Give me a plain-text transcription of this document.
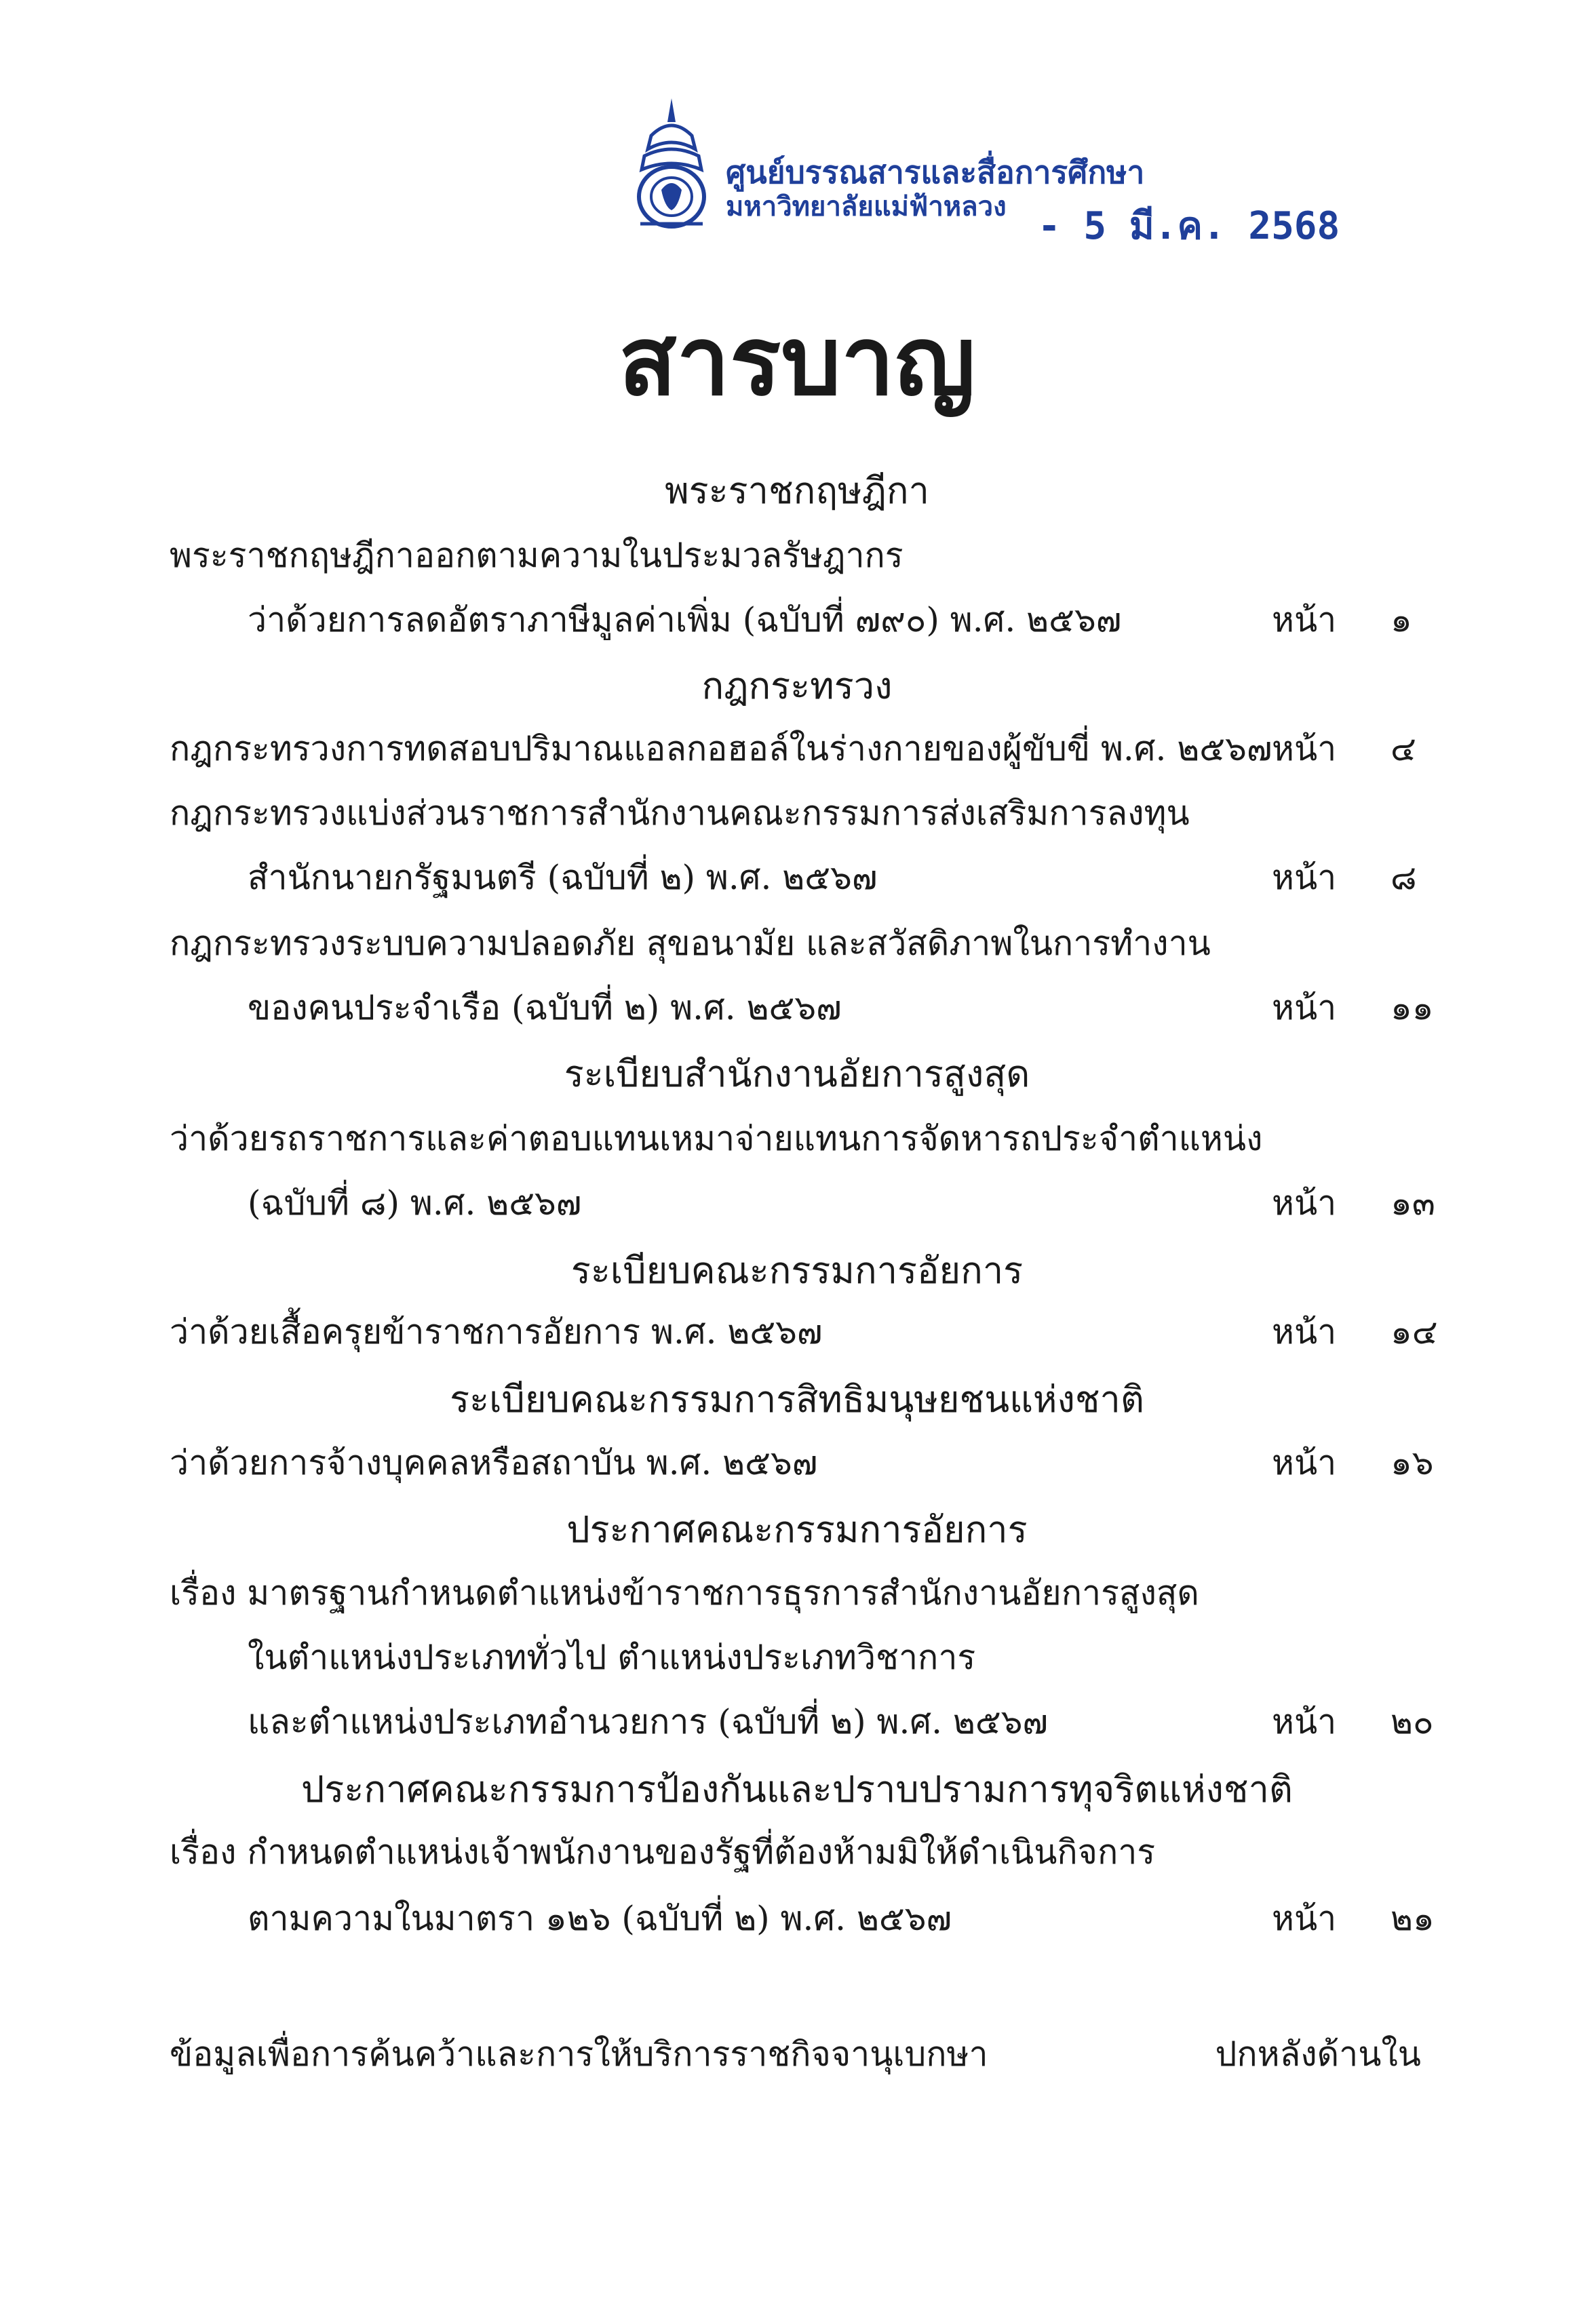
ศูนย์บรรณสารและสื่อการศึกษา
มหาวิทยาลัยแม่ฟ้าหลวง - 5 มี.ค. 2568
สารบาญ
พระราชกฤษฎีกา
พระราชกฤษฎีกาออกตามความในประมวลรัษฎากร
ว่าด้วยการลดอัตราภาษีมูลค่าเพิ่ม (ฉบับที่ ๗๙๐) พ.ศ. ๒๕๖๗	หน้า ๑
กฎกระทรวง
กฎกระทรวงการทดสอบปริมาณแอลกอฮอล์ในร่างกายของผู้ขับขี่ พ.ศ. ๒๕๖๗ หน้า ๔
กฎกระทรวงแบ่งส่วนราชการสำนักงานคณะกรรมการส่งเสริมการลงทุน
สำนักนายกรัฐมนตรี (ฉบับที่ ๒) พ.ศ. ๒๕๖๗	หน้า ๘
กฎกระทรวงระบบความปลอดภัย สุขอนามัย และสวัสดิภาพในการทำงาน
ของคนประจำเรือ (ฉบับที่ ๒) พ.ศ. ๒๕๖๗	หน้า ๑๑
ระเบียบสำนักงานอัยการสูงสุด
ว่าด้วยรถราชการและค่าตอบแทนเหมาจ่ายแทนการจัดหารถประจำตำแหน่ง
(ฉบับที่ ๘) พ.ศ. ๒๕๖๗	หน้า ๑๓
ระเบียบคณะกรรมการอัยการ
ว่าด้วยเสื้อครุยข้าราชการอัยการ พ.ศ. ๒๕๖๗	หน้า ๑๔
ระเบียบคณะกรรมการสิทธิมนุษยชนแห่งชาติ
ว่าด้วยการจ้างบุคคลหรือสถาบัน พ.ศ. ๒๕๖๗	หน้า ๑๖
ประกาศคณะกรรมการอัยการ
เรื่อง มาตรฐานกำหนดตำแหน่งข้าราชการธุรการสำนักงานอัยการสูงสุด
ในตำแหน่งประเภททั่วไป ตำแหน่งประเภทวิชาการ
และตำแหน่งประเภทอำนวยการ (ฉบับที่ ๒) พ.ศ. ๒๕๖๗	หน้า ๒๐
ประกาศคณะกรรมการป้องกันและปราบปรามการทุจริตแห่งชาติ
เรื่อง กำหนดตำแหน่งเจ้าพนักงานของรัฐที่ต้องห้ามมิให้ดำเนินกิจการ
ตามความในมาตรา ๑๒๖ (ฉบับที่ ๒) พ.ศ. ๒๕๖๗	หน้า ๒๑
ข้อมูลเพื่อการค้นคว้าและการให้บริการราชกิจจานุเบกษา	ปกหลังด้านใน
